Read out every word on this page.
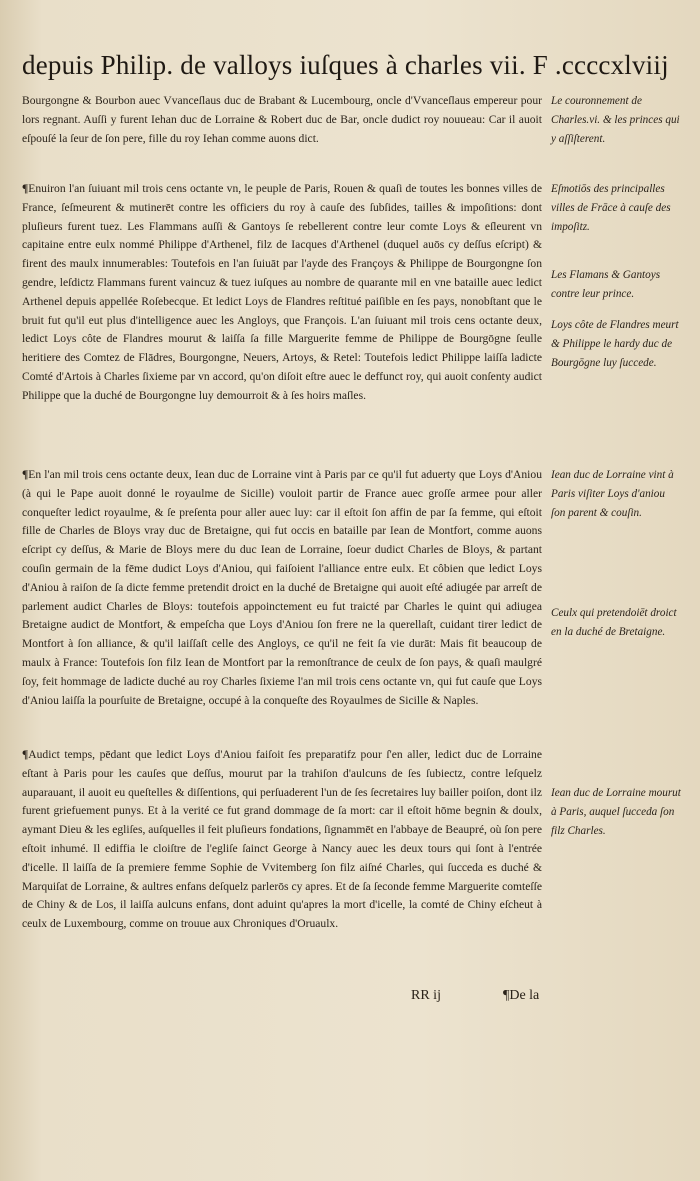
depuis Philip. de valloys iuſques à charles vii. F .ccccxlviij

Bourgongne & Bourbon auec Vvanceſlaus duc de Brabant & Lucembourg, oncle d'Vvanceſlaus empereur pour lors regnant. Auſſi y furent Iehan duc de Lorraine & Robert duc de Bar, oncle dudict roy nouueau: Car il auoit eſpouſé la ſeur de ſon pere, fille du roy Iehan comme auons dict.

¶Enuiron l'an ſuiuant mil trois cens octante vn, le peuple de Paris, Rouen & quaſi de toutes les bonnes villes de France, ſeſmeurent & mutinerēt contre les officiers du roy à cauſe des ſubſides, tailles & impoſitions: dont pluſieurs furent tuez. Les Flammans auſſi & Gantoys ſe rebellerent contre leur comte Loys & eſleurent vn capitaine entre eulx nommé Philippe d'Arthenel, filz de Iacques d'Arthenel (duquel auōs cy deſſus eſcript) & firent des maulx innumerables: Toutefois en l'an ſuiuāt par l'ayde des Françoys & Philippe de Bourgongne ſon gendre, leſdictz Flammans furent vaincuz & tuez iuſques au nombre de quarante mil en vne bataille auec ledict Arthenel depuis appellée Roſebecque. Et ledict Loys de Flandres reſtitué paiſible en ſes pays, nonobſtant que le bruit fut qu'il eut plus d'intelligence auec les Angloys, que François. L'an ſuiuant mil trois cens octante deux, ledict Loys côte de Flandres mourut & laiſſa ſa fille Marguerite femme de Philippe de Bourgōgne ſeulle heritiere des Comtez de Flādres, Bourgongne, Neuers, Artoys, & Retel: Toutefois ledict Philippe laiſſa ladicte Comté d'Artois à Charles ſixieme par vn accord, qu'on diſoit eſtre auec le deffunct roy, qui auoit conſenty audict Philippe que la duché de Bourgongne luy demourroit & à ſes hoirs maſles.

¶En l'an mil trois cens octante deux, Iean duc de Lorraine vint à Paris par ce qu'il fut aduerty que Loys d'Aniou (à qui le Pape auoit donné le royaulme de Sicille) vouloit partir de France auec groſſe armee pour aller conqueſter ledict royaulme, & ſe preſenta pour aller auec luy: car il eſtoit ſon affin de par ſa femme, qui eſtoit fille de Charles de Bloys vray duc de Bretaigne, qui fut occis en bataille par Iean de Montfort, comme auons eſcript cy deſſus, & Marie de Bloys mere du duc Iean de Lorraine, ſoeur dudict Charles de Bloys, & partant couſin germain de la fēme dudict Loys d'Aniou, qui faiſoient l'alliance entre eulx. Et côbien que ledict Loys d'Aniou à raiſon de ſa dicte femme pretendit droict en la duché de Bretaigne qui auoit eſté adiugée par arreſt de parlement audict Charles de Bloys: toutefois appoinctement eu fut traicté par Charles le quint qui adiugea Bretaigne audict de Montfort, & empeſcha que Loys d'Aniou ſon frere ne la querellaſt, cuidant tirer ledict de Montfort à ſon alliance, & qu'il laiſſaſt celle des Angloys, ce qu'il ne feit ſa vie durāt: Mais fit beaucoup de maulx à France: Toutefois ſon filz Iean de Montfort par la remonſtrance de ceulx de ſon pays, & quaſi maulgré ſoy, feit hommage de ladicte duché au roy Charles ſixieme l'an mil trois cens octante vn, qui fut cauſe que Loys d'Aniou laiſſa la pourſuite de Bretaigne, occupé à la conqueſte des Royaulmes de Sicille & Naples.

¶Audict temps, pēdant que ledict Loys d'Aniou faiſoit ſes preparatifz pour ſ'en aller, ledict duc de Lorraine eſtant à Paris pour les cauſes que deſſus, mourut par la trahiſon d'aulcuns de ſes ſubiectz, contre leſquelz auparauant, il auoit eu queſtelles & diſſentions, qui perſuaderent l'un de ſes ſecretaires luy bailler poiſon, dont ilz furent griefuement punys. Et à la verité ce fut grand dommage de ſa mort: car il eſtoit hōme begnin & doulx, aymant Dieu & les egliſes, auſquelles il feit pluſieurs fondations, ſignammēt en l'abbaye de Beaupré, où ſon pere eſtoit inhumé. Il ediffia le cloiſtre de l'egliſe ſainct George à Nancy auec les deux tours qui ſont à l'entrée d'icelle. Il laiſſa de ſa premiere femme Sophie de Vvitemberg ſon filz aiſné Charles, qui ſucceda es duché & Marquiſat de Lorraine, & aultres enfans deſquelz parlerōs cy apres. Et de ſa ſeconde femme Marguerite comteſſe de Chiny & de Los, il laiſſa aulcuns enfans, dont aduint qu'apres la mort d'icelle, la comté de Chiny eſcheut à ceulx de Luxembourg, comme on trouue aux Chroniques d'Oruaulx.

Le couronnement de Charles.vi. & les princes qui y aſſiſterent.
Eſmotiōs des principalles villes de Frāce à cauſe des impoſitz.
Les Flamans & Gantoys contre leur prince.
Loys côte de Flandres meurt & Philippe le hardy duc de Bourgōgne luy ſuccede.
Iean duc de Lorraine vint à Paris viſiter Loys d'aniou ſon parent & couſin.
Ceulx qui pretendoiēt droict en la duché de Bretaigne.
Iean duc de Lorraine mourut à Paris, auquel ſucceda ſon filz Charles.
RR ij	¶De la
